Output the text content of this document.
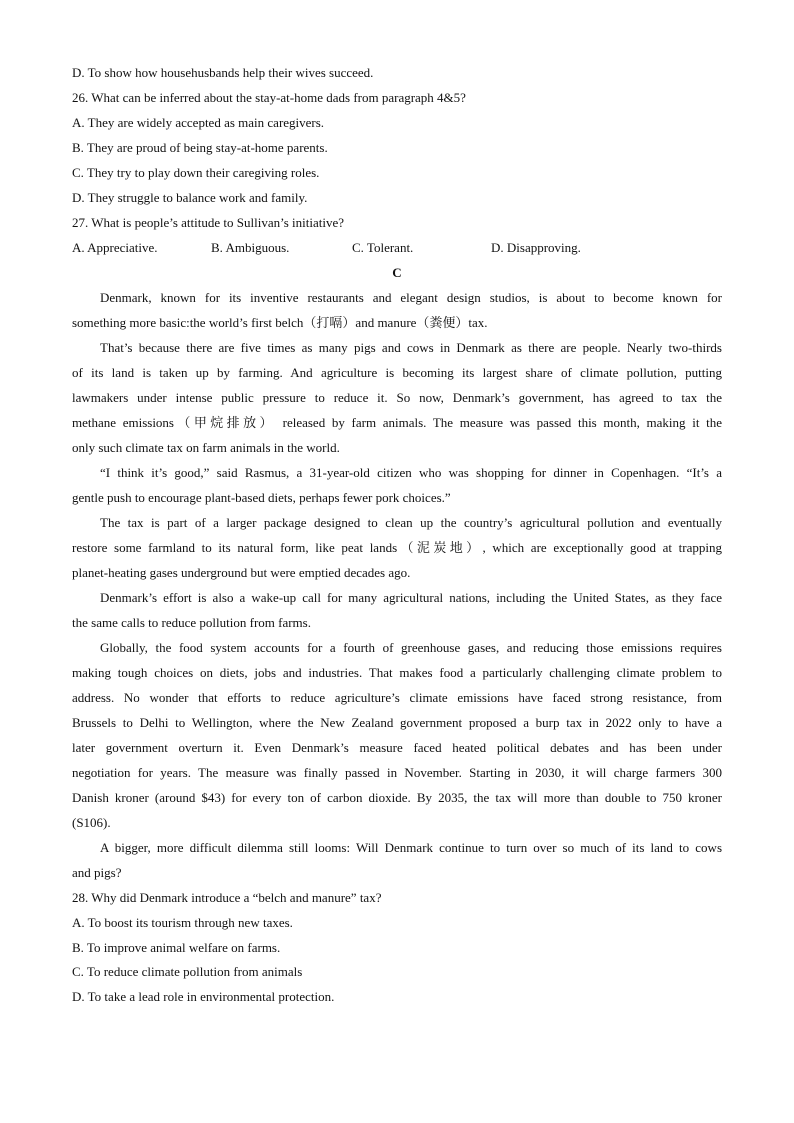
D. To show how househusbands help their wives succeed.
26. What can be inferred about the stay-at-home dads from paragraph 4&5?
A. They are widely accepted as main caregivers.
B. They are proud of being stay-at-home parents.
C. They try to play down their caregiving roles.
D. They struggle to balance work and family.
27. What is people’s attitude to Sullivan’s initiative?
A. Appreciative.	B. Ambiguous.	C. Tolerant.	D. Disapproving.
C
Denmark, known for its inventive restaurants and elegant design studios, is about to become known for
something more basic:the world’s first belch（打嗝）and manure（粪便）tax.
That’s because there are five times as many pigs and cows in Denmark as there are people. Nearly two-thirds
of its land is taken up by farming. And agriculture is becoming its largest share of climate pollution, putting
lawmakers under intense public pressure to reduce it. So now, Denmark’s government, has agreed to tax the
methane emissions（甲烷排放） released by farm animals. The measure was passed this month, making it the
only such climate tax on farm animals in the world.
“I think it’s good,” said Rasmus, a 31-year-old citizen who was shopping for dinner in Copenhagen. “It’s a
gentle push to encourage plant-based diets, perhaps fewer pork choices.”
The tax is part of a larger package designed to clean up the country’s agricultural pollution and eventually
restore some farmland to its natural form, like peat lands（泥炭地）, which are exceptionally good at trapping
planet-heating gases underground but were emptied decades ago.
Denmark’s effort is also a wake-up call for many agricultural nations, including the United States, as they face
the same calls to reduce pollution from farms.
Globally, the food system accounts for a fourth of greenhouse gases, and reducing those emissions requires
making tough choices on diets, jobs and industries. That makes food a particularly challenging climate problem to
address. No wonder that efforts to reduce agriculture’s climate emissions have faced strong resistance, from
Brussels to Delhi to Wellington, where the New Zealand government proposed a burp tax in 2022 only to have a
later government overturn it. Even Denmark’s measure faced heated political debates and has been under
negotiation for years. The measure was finally passed in November. Starting in 2030, it will charge farmers 300
Danish kroner (around $43) for every ton of carbon dioxide. By 2035, the tax will more than double to 750 kroner
(S106).
A bigger, more difficult dilemma still looms: Will Denmark continue to turn over so much of its land to cows
and pigs?
28. Why did Denmark introduce a “belch and manure” tax?
A. To boost its tourism through new taxes.
B. To improve animal welfare on farms.
C. To reduce climate pollution from animals
D. To take a lead role in environmental protection.
